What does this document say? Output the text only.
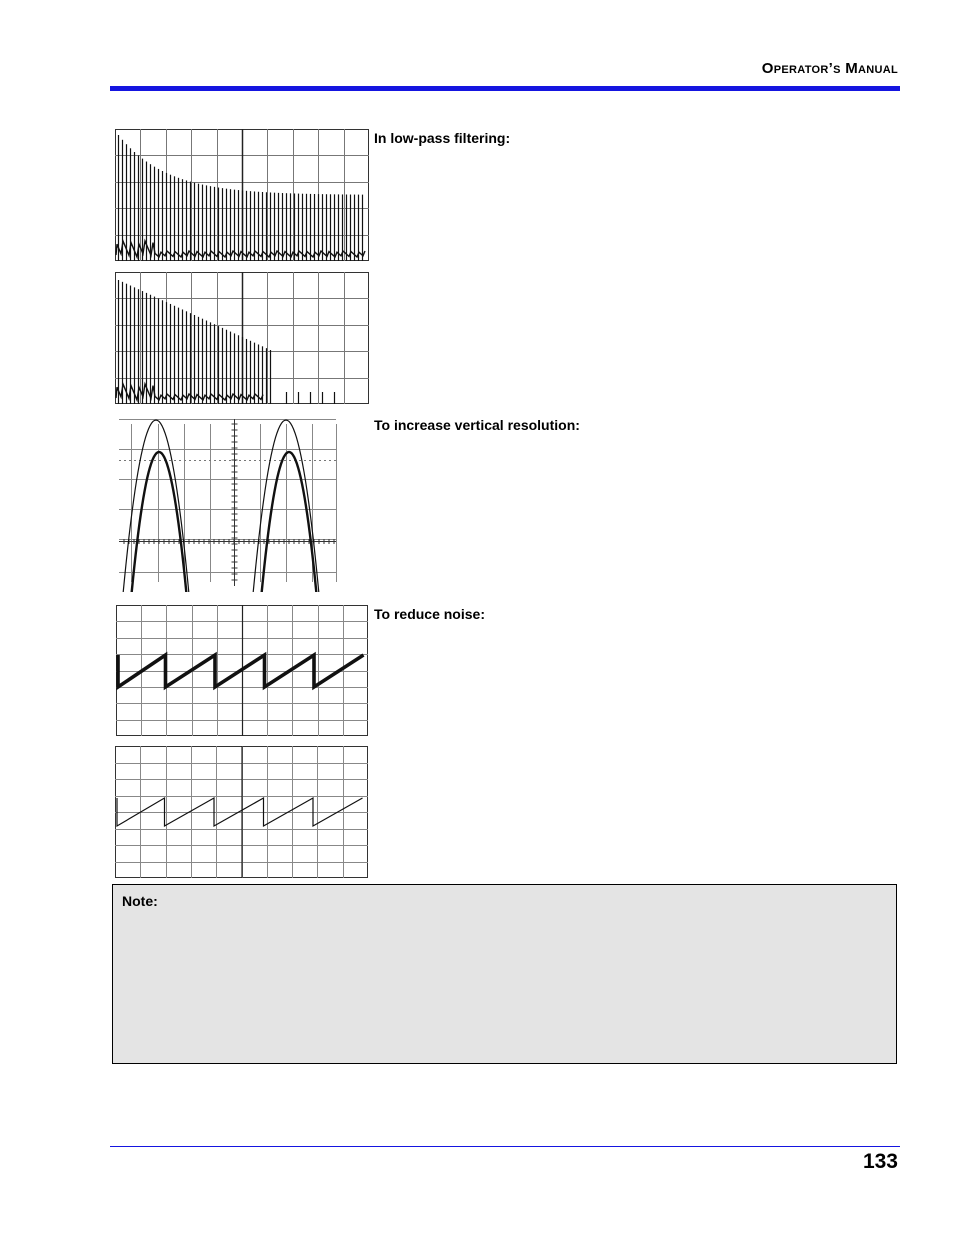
Operator’s Manual
In low-pass filtering:
To increase vertical resolution:
To reduce noise:
Note:
133
